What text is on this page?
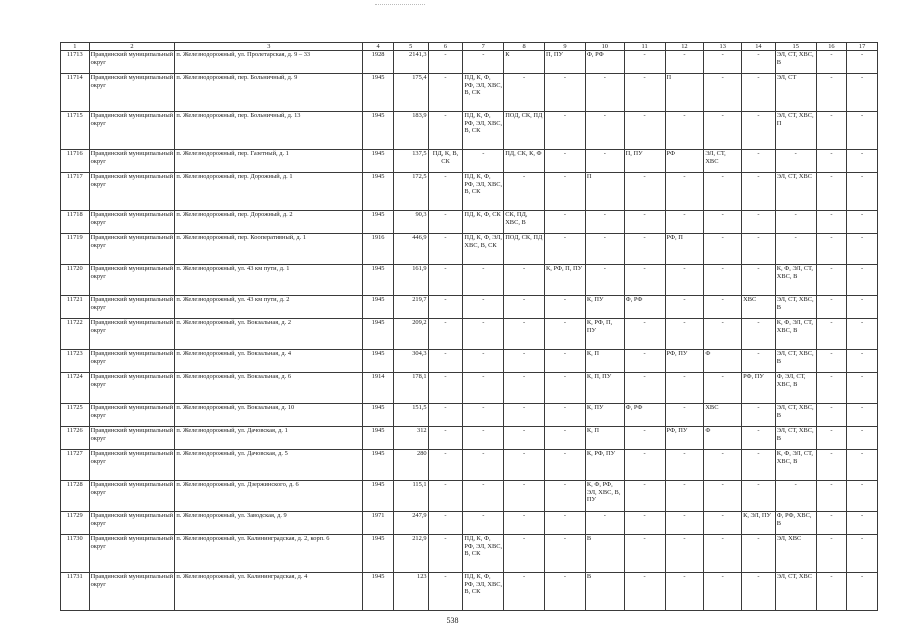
1	2	3	4	5	6	7	8	9	10	11	12	13	14	15	16	17
11713	Правдинский муниципальный округ	п. Железнодорожный, ул. Пролетарская, д. 9 – 33	1928	2141,3	-	-	К	П, ПУ	Ф, РФ	-	-	-	-	ЭЛ, СТ, ХВС, В	-	-
11714	Правдинский муниципальный округ	п. Железнодорожный, пер. Больничный, д. 9	1945	175,4	-	ПД, К, Ф, РФ, ЭЛ, ХВС, В, СК	-	-	-	-	П	-	-	ЭЛ, СТ	-	-
11715	Правдинский муниципальный округ	п. Железнодорожный, пер. Больничный, д. 13	1945	183,9	-	ПД, К, Ф, РФ, ЭЛ, ХВС, В, СК	ПОД, СК, ПД	-	-	-	-	-	-	ЭЛ, СТ, ХВС, П	-	-
11716	Правдинский муниципальный округ	п. Железнодорожный, пер. Газетный, д. 1	1945	137,5	ПД, К, В, СК	-	ПД, СК, К, Ф	-	-	П, ПУ	РФ	ЭЛ, СТ, ХВС	-	-	-	-
11717	Правдинский муниципальный округ	п. Железнодорожный, пер. Дорожный, д. 1	1945	172,5	-	ПД, К, Ф, РФ, ЭЛ, ХВС, В, СК	-	-	П	-	-	-	-	ЭЛ, СТ, ХВС	-	-
11718	Правдинский муниципальный округ	п. Железнодорожный, пер. Дорожный, д. 2	1945	90,3	-	ПД, К, Ф, СК	СК, ПД, ХВС, В	-	-	-	-	-	-	-	-	-
11719	Правдинский муниципальный округ	п. Железнодорожный, пер. Кооперативный, д. 1	1916	446,9	-	ПД, К, Ф, ЭЛ, ХВС, В, СК	ПОД, СК, ПД	-	-	-	РФ, П	-	-	-	-	-
11720	Правдинский муниципальный округ	п. Железнодорожный, ул. 43 км пути, д. 1	1945	161,9	-	-	-	К, РФ, П, ПУ	-	-	-	-	-	К, Ф, ЭЛ, СТ, ХВС, В	-	-
11721	Правдинский муниципальный округ	п. Железнодорожный, ул. 43 км пути, д. 2	1945	219,7	-	-	-	-	К, ПУ	Ф, РФ	-	-	ХВС	ЭЛ, СТ, ХВС, В	-	-
11722	Правдинский муниципальный округ	п. Железнодорожный, ул. Вокзальная, д. 2	1945	209,2	-	-	-	-	К, РФ, П, ПУ	-	-	-	-	К, Ф, ЭЛ, СТ, ХВС, В	-	-
11723	Правдинский муниципальный округ	п. Железнодорожный, ул. Вокзальная, д. 4	1945	304,3	-	-	-	-	К, П	-	РФ, ПУ	Ф	-	ЭЛ, СТ, ХВС, В	-	-
11724	Правдинский муниципальный округ	п. Железнодорожный, ул. Вокзальная, д. 6	1914	178,1	-	-	-	-	К, П, ПУ	-	-	-	РФ, ПУ	Ф, ЭЛ, СТ, ХВС, В	-	-
11725	Правдинский муниципальный округ	п. Железнодорожный, ул. Вокзальная, д. 10	1945	151,5	-	-	-	-	К, ПУ	Ф, РФ	-	ХВС	-	ЭЛ, СТ, ХВС, В	-	-
11726	Правдинский муниципальный округ	п. Железнодорожный, ул. Дачовская, д. 1	1945	312	-	-	-	-	К, П	-	РФ, ПУ	Ф	-	ЭЛ, СТ, ХВС, В	-	-
11727	Правдинский муниципальный округ	п. Железнодорожный, ул. Дачовская, д. 5	1945	280	-	-	-	-	К, РФ, ПУ	-	-	-	-	К, Ф, ЭЛ, СТ, ХВС, В	-	-
11728	Правдинский муниципальный округ	п. Железнодорожный, ул. Дзержинского, д. 6	1945	115,1	-	-	-	-	К, Ф, РФ, ЭЛ, ХВС, В, ПУ	-	-	-	-	-	-	-
11729	Правдинский муниципальный округ	п. Железнодорожный, ул. Заводская, д. 9	1971	247,9	-	-	-	-	-	-	-	-	К, ЭЛ, ПУ	Ф, РФ, ХВС, В	-	-
11730	Правдинский муниципальный округ	п. Железнодорожный, ул. Калининградская, д. 2, корп. 6	1945	212,9	-	ПД, К, Ф, РФ, ЭЛ, ХВС, В, СК	-	-	В	-	-	-	-	ЭЛ, ХВС	-	-
11731	Правдинский муниципальный округ	п. Железнодорожный, ул. Калининградская, д. 4	1945	123	-	ПД, К, Ф, РФ, ЭЛ, ХВС, В, СК	-	-	В	-	-	-	-	ЭЛ, СТ, ХВС	-	-
538
